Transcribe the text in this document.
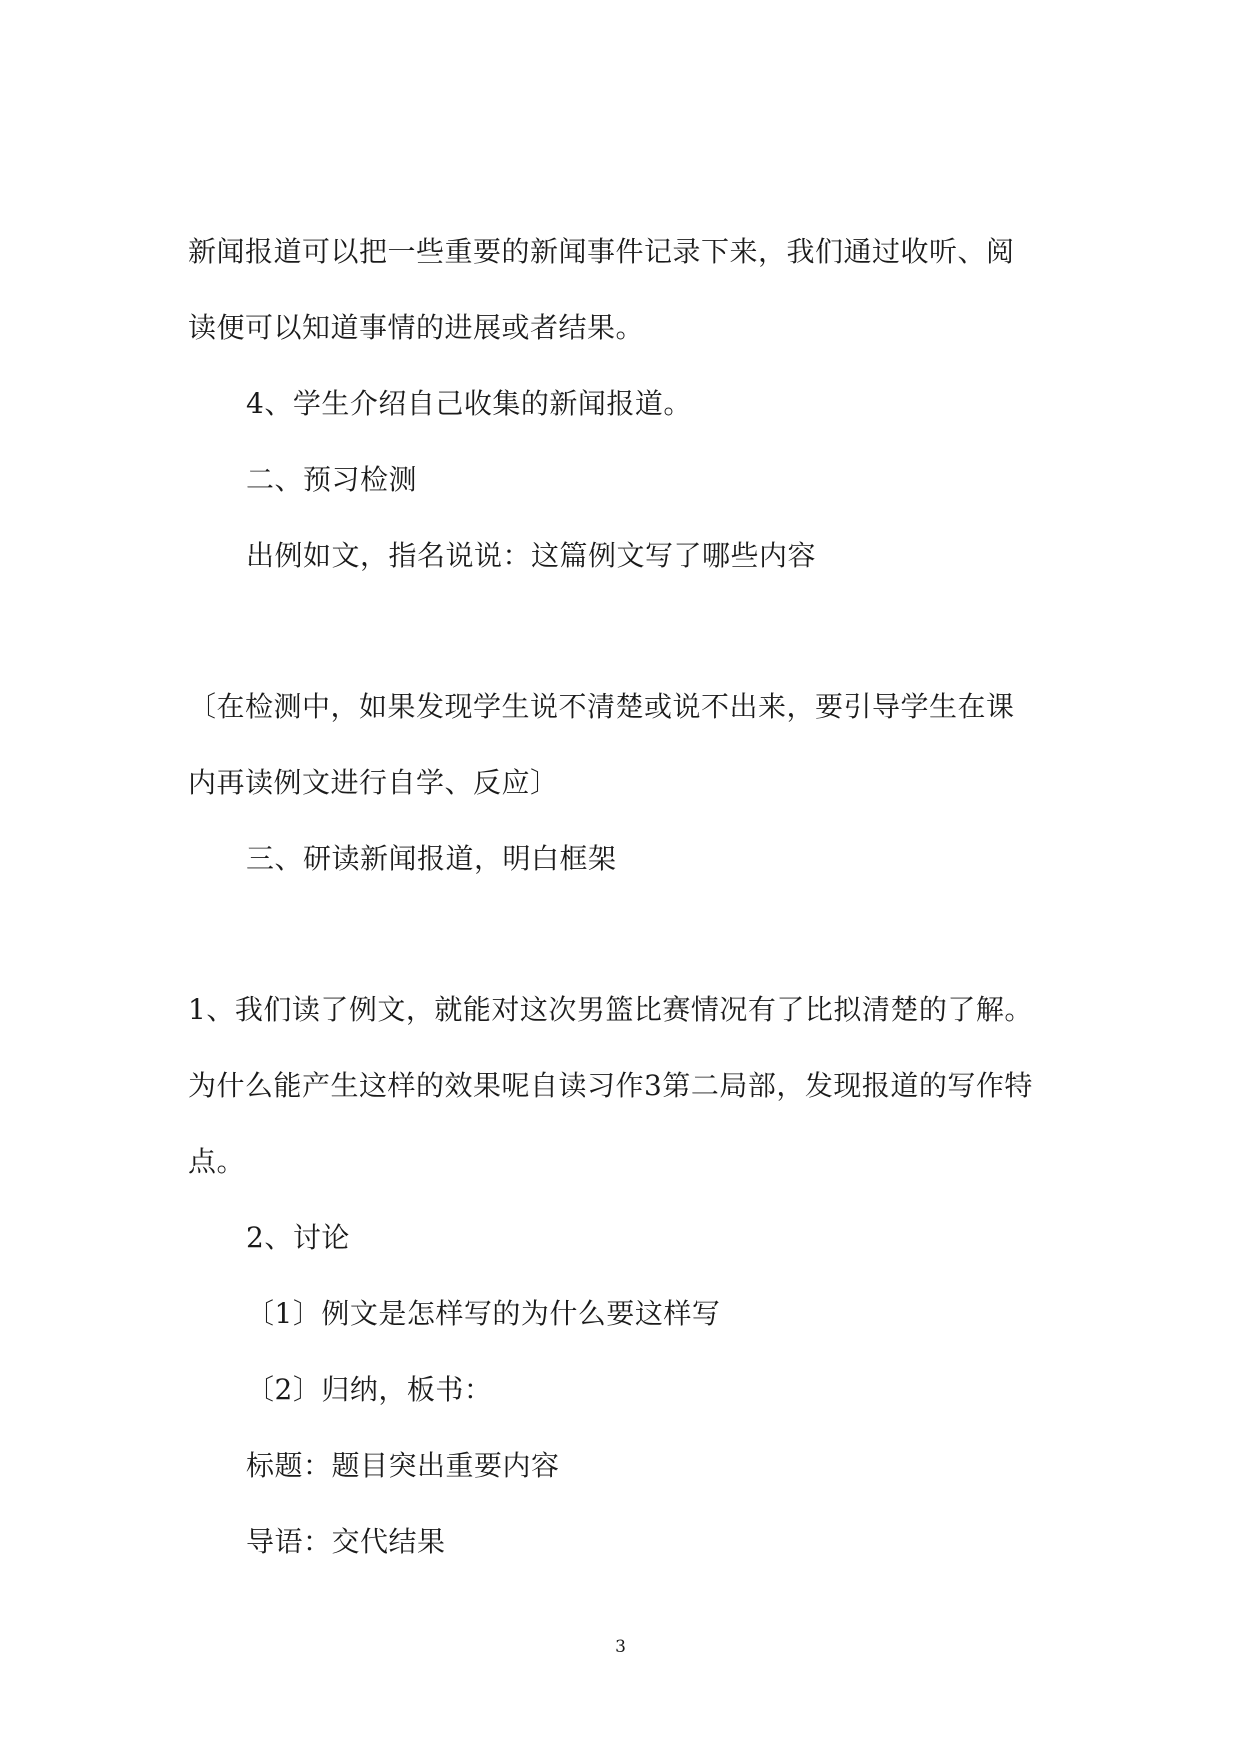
新闻报道可以把一些重要的新闻事件记录下来，我们通过收听、阅
读便可以知道事情的进展或者结果。
4、学生介绍自己收集的新闻报道。
二、预习检测
出例如文，指名说说：这篇例文写了哪些内容
〔在检测中，如果发现学生说不清楚或说不出来，要引导学生在课
内再读例文进行自学、反应〕
三、研读新闻报道，明白框架
1、我们读了例文，就能对这次男篮比赛情况有了比拟清楚的了解。
为什么能产生这样的效果呢自读习作3第二局部，发现报道的写作特
点。
2、讨论
〔1〕例文是怎样写的为什么要这样写
〔2〕归纳，板书：
标题：题目突出重要内容
导语：交代结果
3
